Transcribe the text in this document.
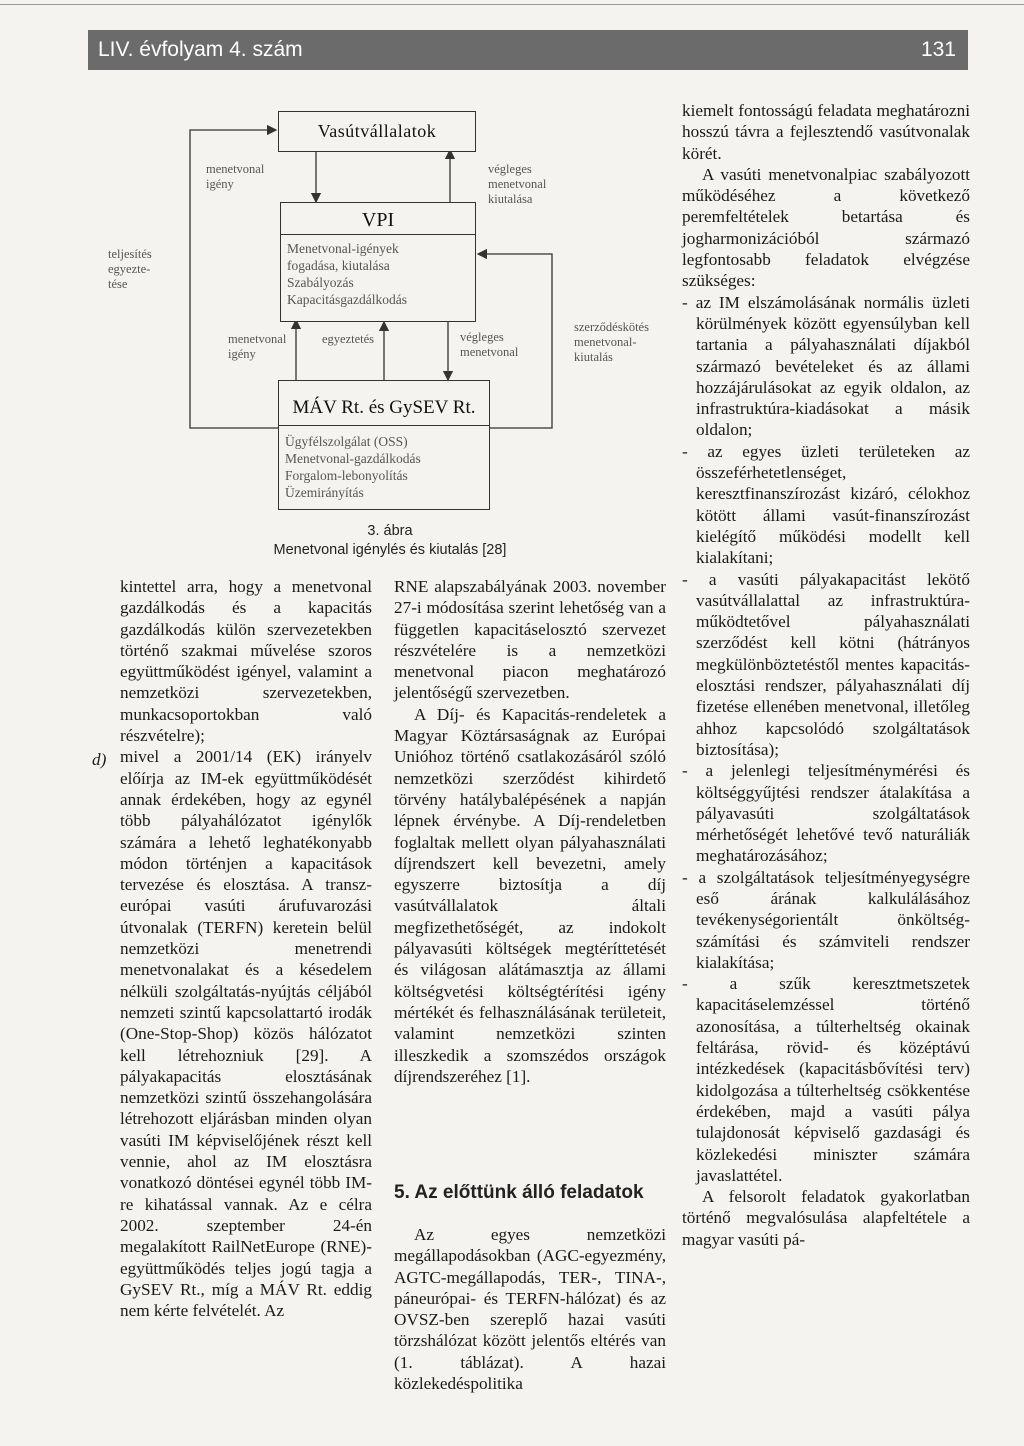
LIV. évfolyam 4. szám	131
Vasútvállalatok
VPI
Menetvonal-igények
fogadása, kiutalása
Szabályozás
Kapacitásgazdálkodás
MÁV Rt. és GySEV Rt.
Ügyfélszolgálat (OSS)
Menetvonal-gazdálkodás
Forgalom-lebonyolítás
Üzemirányítás
teljesítés
egyezte-
tése
menetvonal
igény
végleges
menetvonal
kiutalása
menetvonal
igény
egyeztetés	végleges
menetvonal
szerződéskötés
menetvonal-
kiutalás
3. ábra
Menetvonal igénylés és kiutalás [28]

kintettel arra, hogy a menetvonal gazdálkodás és a kapacitás gazdálkodás külön szervezetekben történő szakmai művelése szoros együttműködést igényel, valamint a nemzetközi szervezetekben, munkacsoportokban való részvételre);

mivel a 2001/14 (EK) irányelv előírja az IM-ek együttműködését annak érdekében, hogy az egynél több pályahálózatot igénylők számára a lehető leghatékonyabb módon történjen a kapacitások tervezése és elosztása. A transz-európai vasúti árufuvarozási útvonalak (TERFN) keretein belül nemzetközi menetrendi menetvonalakat és a késedelem nélküli szolgáltatás-nyújtás céljából nemzeti szintű kapcsolattartó irodák (One-Stop-Shop) közös hálózatot kell létrehozniuk [29]. A pályakapacitás elosztásának nemzetközi szintű összehangolására létrehozott eljárásban minden olyan vasúti IM képviselőjének részt kell vennie, ahol az IM elosztásra vonatkozó döntései egynél több IM-re kihatással vannak. Az e célra 2002. szeptember 24-én megalakított RailNetEurope (RNE)-együttműködés teljes jogú tagja a GySEV Rt., míg a MÁV Rt. eddig nem kérte felvételét. Az

d)

RNE alapszabályának 2003. november 27-i módosítása szerint lehetőség van a független kapacitáselosztó szervezet részvételére is a nemzetközi menetvonal piacon meghatározó jelentőségű szervezetben.

A Díj- és Kapacitás-rendeletek a Magyar Köztársaságnak az Európai Unióhoz történő csatlakozásáról szóló nemzetközi szerződést kihirdető törvény hatálybalépésének a napján lépnek érvénybe. A Díj-rendeletben foglaltak mellett olyan pályahasználati díjrendszert kell bevezetni, amely egyszerre biztosítja a díj vasútvállalatok általi megfizethetőségét, az indokolt pályavasúti költségek megtéríttetését és világosan alátámasztja az állami költségvetési költségtérítési igény mértékét és felhasználásának területeit, valamint nemzetközi szinten illeszkedik a szomszédos országok díjrendszeréhez [1].

5. Az előttünk álló feladatok

Az egyes nemzetközi megállapodásokban (AGC-egyezmény, AGTC-megállapodás, TER-, TINA-, páneurópai- és TERFN-hálózat) és az OVSZ-ben szereplő hazai vasúti törzshálózat között jelentős eltérés van (1. táblázat). A hazai közlekedéspolitika

kiemelt fontosságú feladata meghatározni hosszú távra a fejlesztendő vasútvonalak körét.

A vasúti menetvonalpiac szabályozott működéséhez a következő peremfeltételek betartása és jogharmonizációból származó legfontosabb feladatok elvégzése szükséges:

- az IM elszámolásának normális üzleti körülmények között egyensúlyban kell tartania a pályahasználati díjakból származó bevételeket és az állami hozzájárulásokat az egyik oldalon, az infrastruktúra-kiadásokat a másik oldalon;

- az egyes üzleti területeken az összeférhetetlenséget, keresztfinanszírozást kizáró, célokhoz kötött állami vasút-finanszírozást kielégítő működési modellt kell kialakítani;

- a vasúti pályakapacitást lekötő vasútvállalattal az infrastruktúra-működtetővel pályahasználati szerződést kell kötni (hátrányos megkülönböztetéstől mentes kapacitás-elosztási rendszer, pályahasználati díj fizetése ellenében menetvonal, illetőleg ahhoz kapcsolódó szolgáltatások biztosítása);

- a jelenlegi teljesítménymérési és költséggyűjtési rendszer átalakítása a pályavasúti szolgáltatások mérhetőségét lehetővé tevő naturáliák meghatározásához;

- a szolgáltatások teljesítményegységre eső árának kalkulálásához tevékenységorientált önköltség-számítási és számviteli rendszer kialakítása;

- a szűk keresztmetszetek kapacitáselemzéssel történő azonosítása, a túlterheltség okainak feltárása, rövid- és középtávú intézkedések (kapacitásbővítési terv) kidolgozása a túlterheltség csökkentése érdekében, majd a vasúti pálya tulajdonosát képviselő gazdasági és közlekedési miniszter számára javaslattétel.

A felsorolt feladatok gyakorlatban történő megvalósulása alapfeltétele a magyar vasúti pá-
